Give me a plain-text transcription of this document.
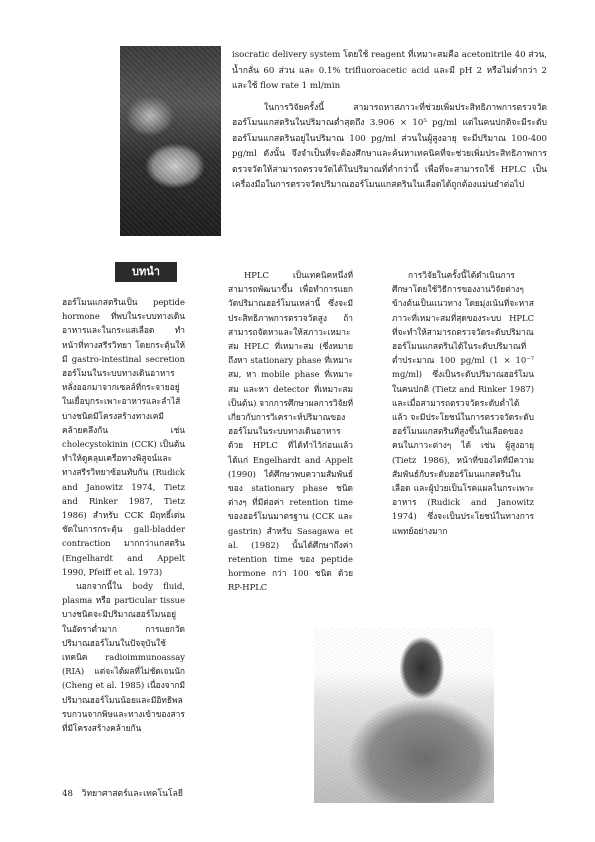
isocratic delivery system โดยใช้ reagent ที่เหมาะสมคือ acetonitrile 40 ส่วน, น้ำกลั่น 60 ส่วน และ 0.1% trifluoroacetic acid และมี pH 2 หรือไม่ต่ำกว่า 2 และใช้ flow rate 1 ml/min

ในการวิจัยครั้งนี้ สามารถหาสภาวะที่ช่วยเพิ่มประสิทธิภาพการตรวจวัดฮอร์โมนแกสตรินในปริมาณต่ำสุดถึง 3.906 × 10⁵ pg/ml แต่ในคนปกติจะมีระดับฮอร์โมนแกสตรินอยู่ในปริมาณ 100 pg/ml ส่วนในผู้สูงอายุ จะมีปริมาณ 100-400 pg/ml ดังนั้น จึงจำเป็นที่จะต้องศึกษาและค้นหาเทคนิคที่จะช่วยเพิ่มประสิทธิภาพการตรวจวัดให้สามารถตรวจวัดได้ในปริมาณที่ต่ำกว่านี้ เพื่อที่จะสามารถใช้ HPLC เป็นเครื่องมือในการตรวจวัดปริมาณฮอร์โมนแกสตรินในเลือดได้ถูกต้องแม่นยำต่อไป

บทนำ

ฮอร์โมนแกสตรินเป็น peptide hormone ที่พบในระบบทางเดินอาหารและในกระแสเลือด ทำหน้าที่ทางสรีรวิทยา โดยกระตุ้นให้มี gastro-intestinal secretion ฮอร์โมนในระบบทางเดินอาหารหลั่งออกมาจากเซลล์ที่กระจายอยู่ในเยื่อบุกระเพาะอาหารและลำไส้ บางชนิดมีโครงสร้างทางเคมีคล้ายคลึงกัน เช่น cholecystokinin (CCK) เป็นต้น ทำให้ดูคลุมเครือทางพิสูจน์และทางสรีรวิทยาซ้อนทับกัน (Rudick and Janowitz 1974, Tietz and Rinker 1987, Tietz 1986) สำหรับ CCK มีฤทธิ์เด่นชัดในการกระตุ้น gall-bladder contraction มากกว่าแกสตริน (Engelhardt and Appelt 1990, Pfeiff et al. 1973)

นอกจากนี้ใน body fluid, plasma หรือ particular tissue บางชนิดจะมีปริมาณฮอร์โมนอยู่ในอัตราต่ำมาก การแยกวัดปริมาณฮอร์โมนในปัจจุบันใช้เทคนิค radioimmunoassay (RIA) แต่จะได้ผลที่ไม่ชัดเจนนัก (Cheng et al. 1985) เนื่องจากมีปริมาณฮอร์โมนน้อยและมีอิทธิพลรบกวนจากพิษและทางเข้าของสารที่มีโครงสร้างคล้ายกัน

HPLC เป็นเทคนิคหนึ่งที่สามารถพัฒนาขึ้น เพื่อทำการแยกวัดปริมาณฮอร์โมนเหล่านี้ ซึ่งจะมีประสิทธิภาพการตรวจวัดสูง ถ้าสามารถจัดหาและให้สภาวะเหมาะสม HPLC ที่เหมาะสม (ซึ่งหมายถึงหา stationary phase ที่เหมาะสม, หา mobile phase ที่เหมาะสม และหา detector ที่เหมาะสม เป็นต้น) จากการศึกษาผลการวิจัยที่เกี่ยวกับการวิเคราะห์ปริมาณของฮอร์โมนในระบบทางเดินอาหารด้วย HPLC ที่ได้ทำไว้ก่อนแล้ว ได้แก่ Engelhardt and Appelt (1990) ได้ศึกษาพบความสัมพันธ์ของ stationary phase ชนิดต่างๆ ที่มีต่อค่า retention time ของฮอร์โมนมาตรฐาน (CCK และ gastrin) สำหรับ Sasagawa et al. (1982) นั้นได้ศึกษาถึงค่า retention time ของ peptide hormone กว่า 100 ชนิด ด้วย RP-HPLC

การวิจัยในครั้งนี้ได้ดำเนินการศึกษาโดยใช้วิธีการของงานวิจัยต่างๆ ข้างต้นเป็นแนวทาง โดยมุ่งเน้นที่จะหาสภาวะที่เหมาะสมที่สุดของระบบ HPLC ที่จะทำให้สามารถตรวจวัดระดับปริมาณฮอร์โมนแกสตรินได้ในระดับปริมาณที่ต่ำประมาณ 100 pg/ml (1 × 10⁻⁷ mg/ml) ซึ่งเป็นระดับปริมาณฮอร์โมนในคนปกติ (Tietz and Rinker 1987) และเมื่อสามารถตรวจวัดระดับต่ำได้แล้ว จะมีประโยชน์ในการตรวจวัดระดับฮอร์โมนแกสตรินที่สูงขึ้นในเลือดของคนในภาวะต่างๆ ได้ เช่น ผู้สูงอายุ (Tietz 1986), หน้าที่ของไตที่มีความสัมพันธ์กับระดับฮอร์โมนแกสตรินในเลือด และผู้ป่วยเป็นโรคแผลในกระเพาะอาหาร (Rudick and Janowitz 1974) ซึ่งจะเป็นประโยชน์ในทางการแพทย์อย่างมาก

48 วิทยาศาสตร์และเทคโนโลยี
